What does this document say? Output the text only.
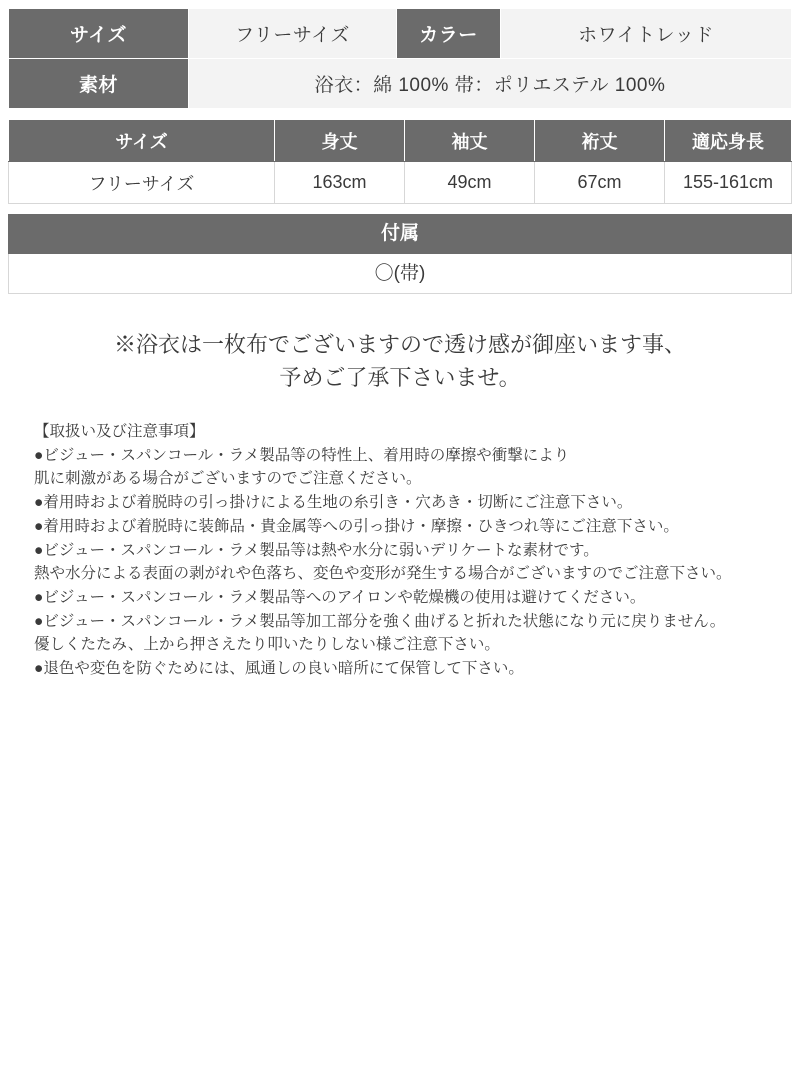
サイズ	フリーサイズ	カラー	ホワイトレッド
素材	浴衣：綿 100% 帯：ポリエステル 100%		
サイズ	身丈	袖丈	裄丈	適応身長
フリーサイズ	163cm	49cm	67cm	155-161cm
付属
〇(帯)
※浴衣は一枚布でございますので透け感が御座います事、
予めご了承下さいませ。
【取扱い及び注意事項】
●ビジュー・スパンコール・ラメ製品等の特性上、着用時の摩擦や衝撃により
肌に刺激がある場合がございますのでご注意ください。
●着用時および着脱時の引っ掛けによる生地の糸引き・穴あき・切断にご注意下さい。
●着用時および着脱時に装飾品・貴金属等への引っ掛け・摩擦・ひきつれ等にご注意下さい。
●ビジュー・スパンコール・ラメ製品等は熱や水分に弱いデリケートな素材です。
熱や水分による表面の剥がれや色落ち、変色や変形が発生する場合がございますのでご注意下さい。
●ビジュー・スパンコール・ラメ製品等へのアイロンや乾燥機の使用は避けてください。
●ビジュー・スパンコール・ラメ製品等加工部分を強く曲げると折れた状態になり元に戻りません。
優しくたたみ、上から押さえたり叩いたりしない様ご注意下さい。
●退色や変色を防ぐためには、風通しの良い暗所にて保管して下さい。
